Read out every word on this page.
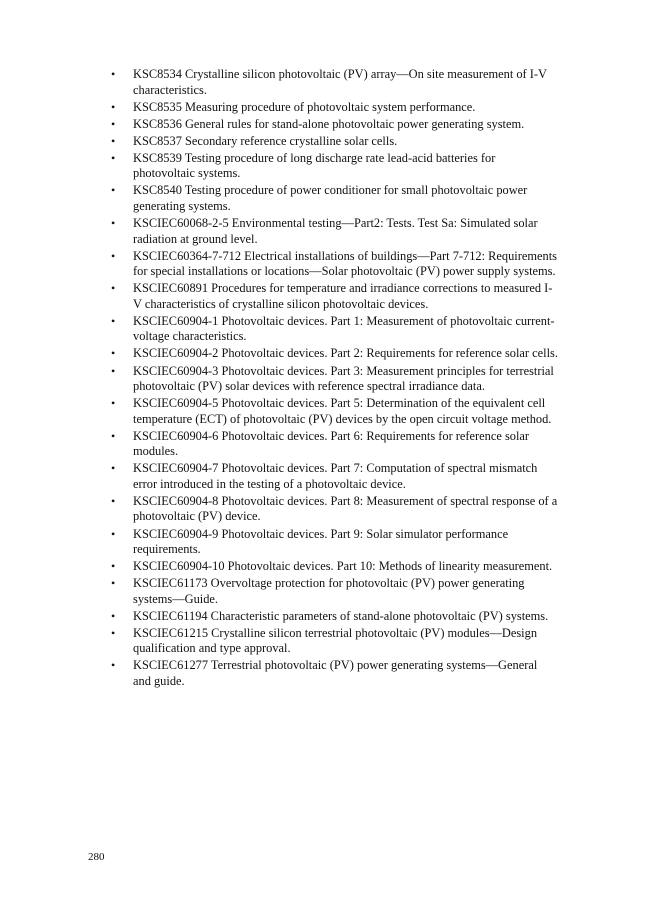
• KSC8534 Crystalline silicon photovoltaic (PV) array—On site measurement of I-V characteristics.
• KSC8535 Measuring procedure of photovoltaic system performance.
• KSC8536 General rules for stand-alone photovoltaic power generating system.
• KSC8537 Secondary reference crystalline solar cells.
• KSC8539 Testing procedure of long discharge rate lead-acid batteries for photovoltaic systems.
• KSC8540 Testing procedure of power conditioner for small photovoltaic power generating systems.
• KSCIEC60068-2-5 Environmental testing—Part2: Tests. Test Sa: Simulated solar radiation at ground level.
• KSCIEC60364-7-712 Electrical installations of buildings—Part 7-712: Requirements for special installations or locations—Solar photovoltaic (PV) power supply systems.
• KSCIEC60891 Procedures for temperature and irradiance corrections to measured I-V characteristics of crystalline silicon photovoltaic devices.
• KSCIEC60904-1 Photovoltaic devices. Part 1: Measurement of photovoltaic current-voltage characteristics.
• KSCIEC60904-2 Photovoltaic devices. Part 2: Requirements for reference solar cells.
• KSCIEC60904-3 Photovoltaic devices. Part 3: Measurement principles for terrestrial photovoltaic (PV) solar devices with reference spectral irradiance data.
• KSCIEC60904-5 Photovoltaic devices. Part 5: Determination of the equivalent cell temperature (ECT) of photovoltaic (PV) devices by the open circuit voltage method.
• KSCIEC60904-6 Photovoltaic devices. Part 6: Requirements for reference solar modules.
• KSCIEC60904-7 Photovoltaic devices. Part 7: Computation of spectral mismatch error introduced in the testing of a photovoltaic device.
• KSCIEC60904-8 Photovoltaic devices. Part 8: Measurement of spectral response of a photovoltaic (PV) device.
• KSCIEC60904-9 Photovoltaic devices. Part 9: Solar simulator performance requirements.
• KSCIEC60904-10 Photovoltaic devices. Part 10: Methods of linearity measurement.
• KSCIEC61173 Overvoltage protection for photovoltaic (PV) power generating systems—Guide.
• KSCIEC61194 Characteristic parameters of stand-alone photovoltaic (PV) systems.
• KSCIEC61215 Crystalline silicon terrestrial photovoltaic (PV) modules—Design qualification and type approval.
• KSCIEC61277 Terrestrial photovoltaic (PV) power generating systems—General and guide.
280
